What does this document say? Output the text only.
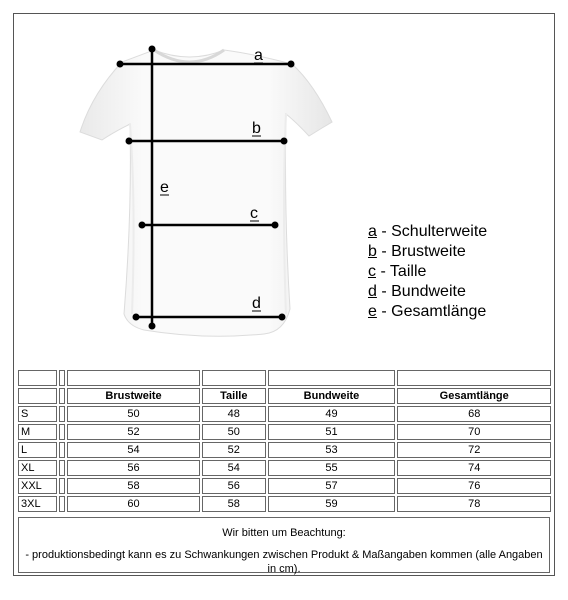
a
b
c
d
e
a - Schulterweite
b - Brustweite
c - Taille
d - Bundweite
e - Gesamtlänge

		Brustweite	Taille	Bundweite	Gesamtlänge
S		50	48	49	68
M		52	50	51	70
L		54	52	53	72
XL		56	54	55	74
XXL		58	56	57	76
3XL		60	58	59	78
Wir bitten um Beachtung:
- produktionsbedingt kann es zu Schwankungen zwischen Produkt & Maßangaben kommen (alle Angaben in cm).
